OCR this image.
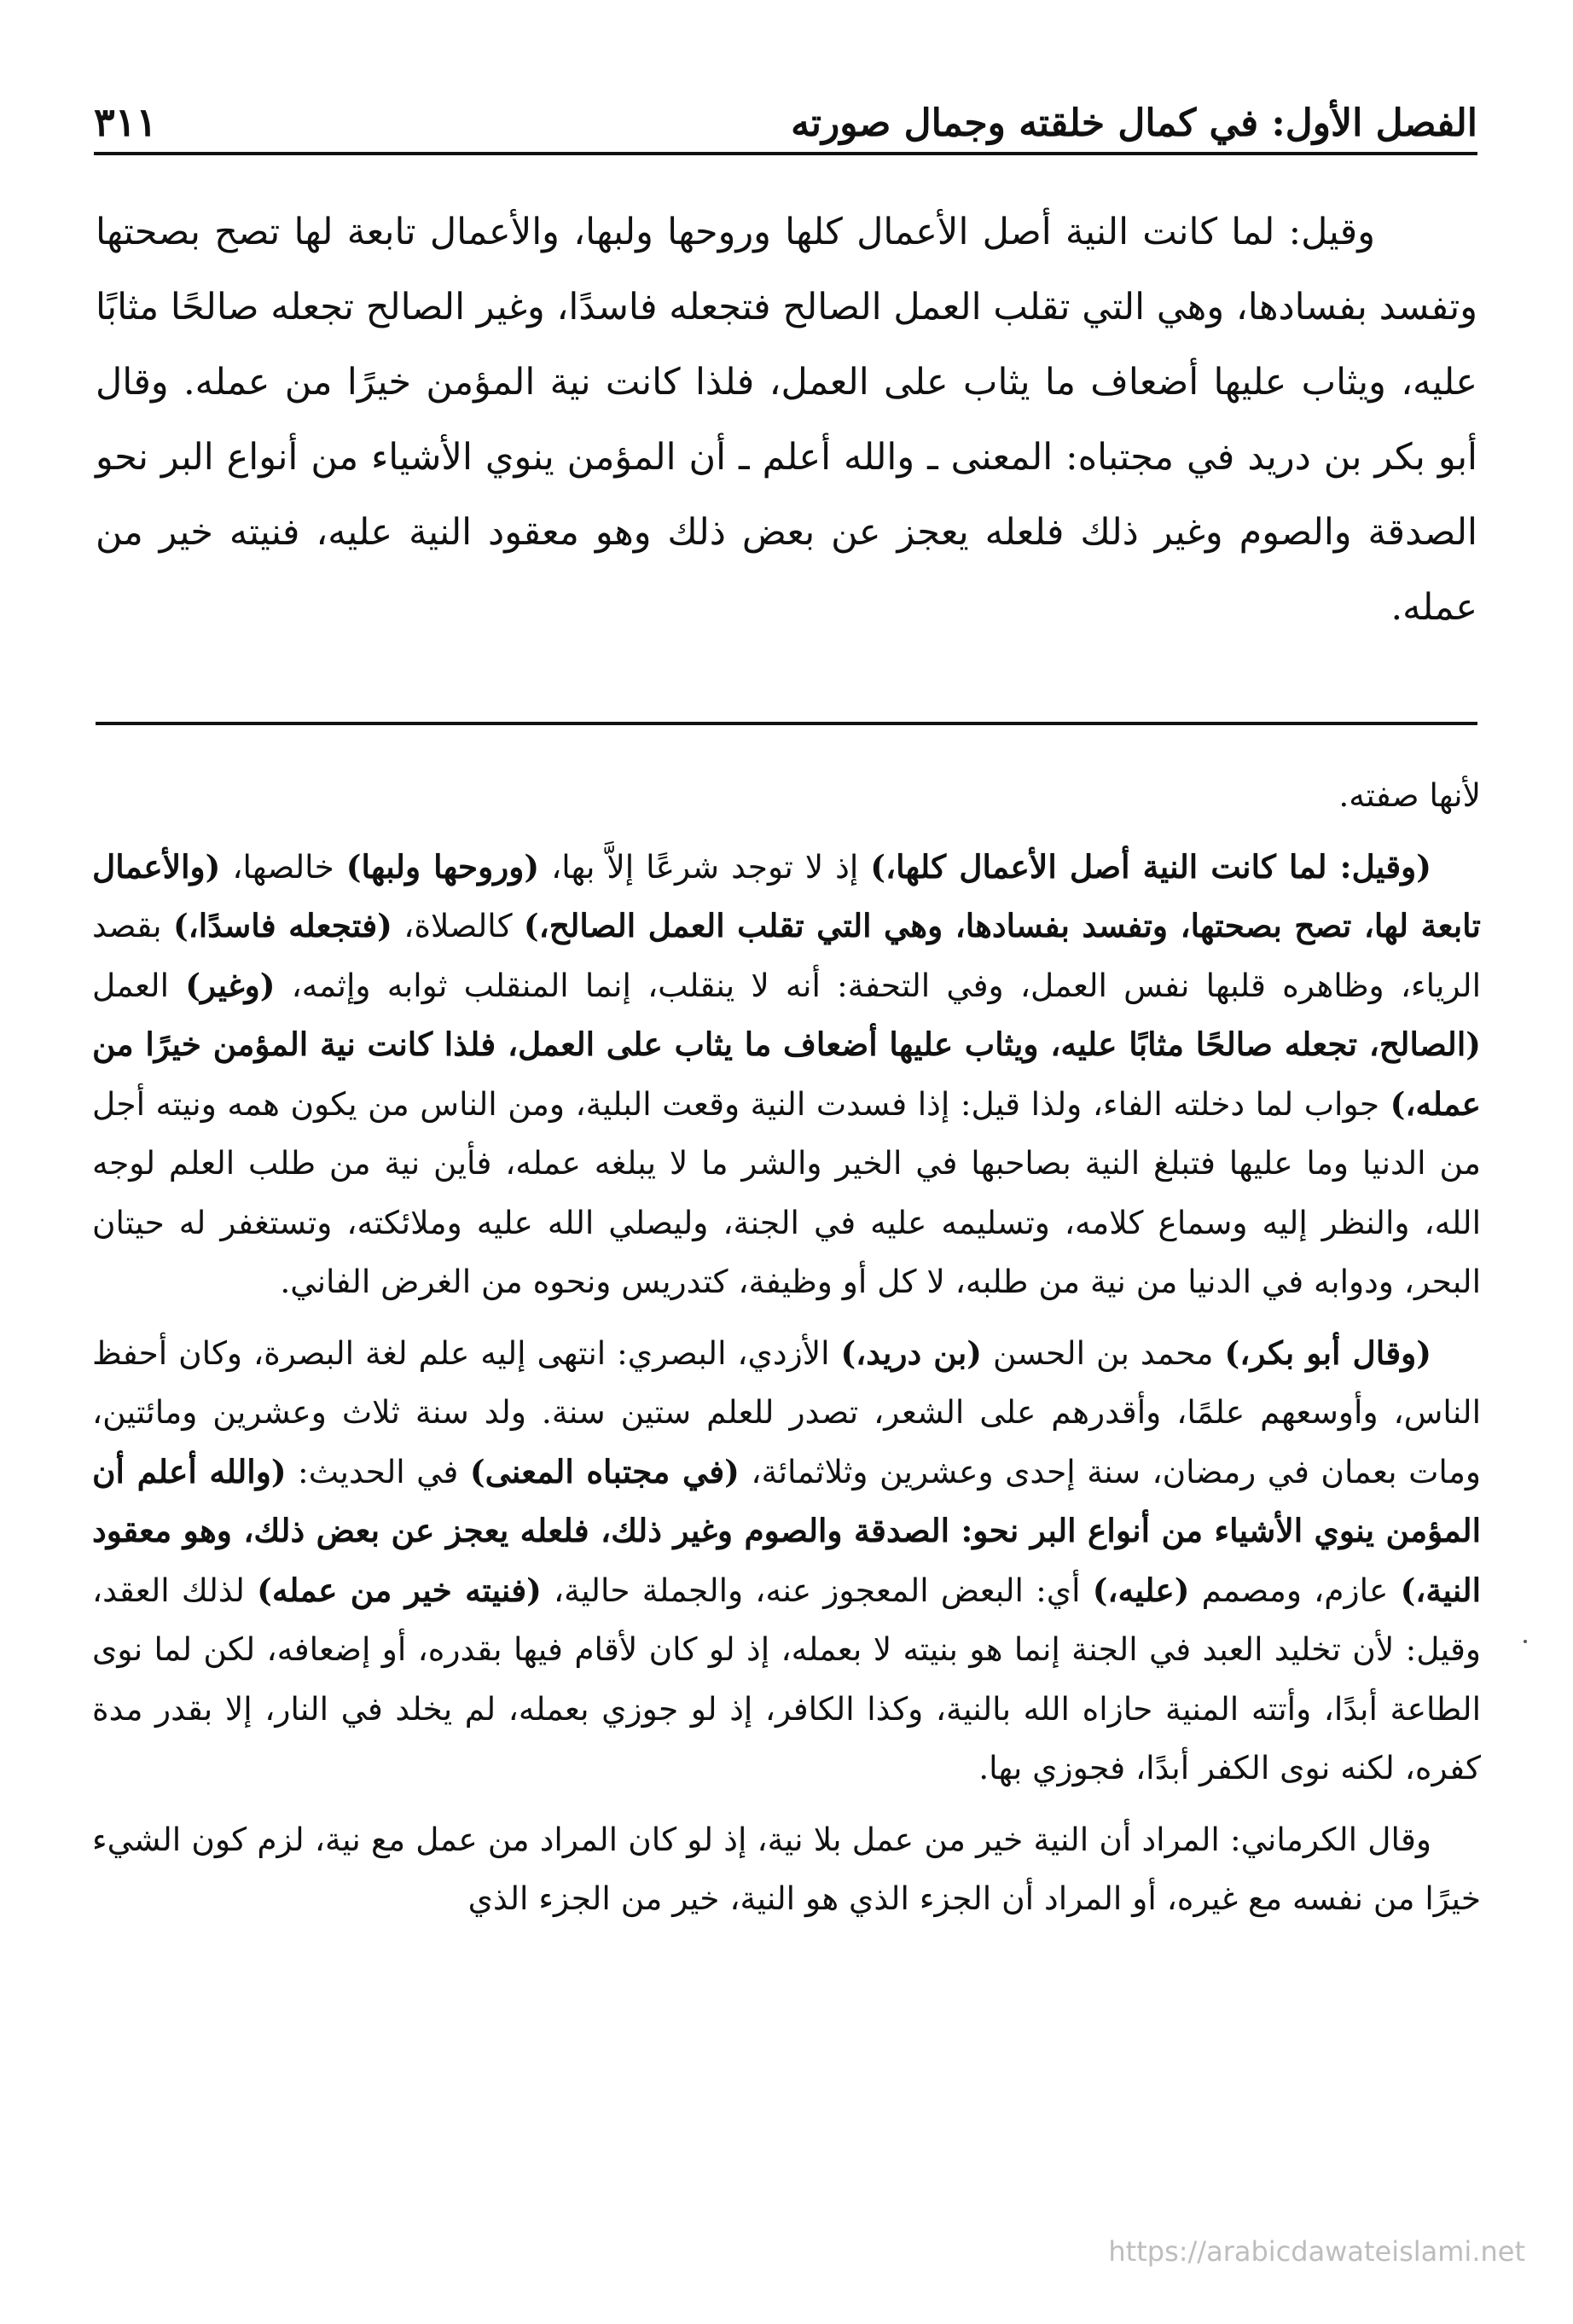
الفصل الأول: في كمال خلقته وجمال صورته
٣١١

وقيل: لما كانت النية أصل الأعمال كلها وروحها ولبها، والأعمال تابعة لها تصح بصحتها وتفسد بفسادها، وهي التي تقلب العمل الصالح فتجعله فاسدًا، وغير الصالح تجعله صالحًا مثابًا عليه، ويثاب عليها أضعاف ما يثاب على العمل، فلذا كانت نية المؤمن خيرًا من عمله. وقال أبو بكر بن دريد في مجتباه: المعنى ـ والله أعلم ـ أن المؤمن ينوي الأشياء من أنواع البر نحو الصدقة والصوم وغير ذلك فلعله يعجز عن بعض ذلك وهو معقود النية عليه، فنيته خير من عمله.

لأنها صفته.

(وقيل: لما كانت النية أصل الأعمال كلها،) إذ لا توجد شرعًا إلاَّ بها، (وروحها ولبها) خالصها، (والأعمال تابعة لها، تصح بصحتها، وتفسد بفسادها، وهي التي تقلب العمل الصالح،) كالصلاة، (فتجعله فاسدًا،) بقصد الرياء، وظاهره قلبها نفس العمل، وفي التحفة: أنه لا ينقلب، إنما المنقلب ثوابه وإثمه، (وغير) العمل (الصالح، تجعله صالحًا مثابًا عليه، ويثاب عليها أضعاف ما يثاب على العمل، فلذا كانت نية المؤمن خيرًا من عمله،) جواب لما دخلته الفاء، ولذا قيل: إذا فسدت النية وقعت البلية، ومن الناس من يكون همه ونيته أجل من الدنيا وما عليها فتبلغ النية بصاحبها في الخير والشر ما لا يبلغه عمله، فأين نية من طلب العلم لوجه الله، والنظر إليه وسماع كلامه، وتسليمه عليه في الجنة، وليصلي الله عليه وملائكته، وتستغفر له حيتان البحر، ودوابه في الدنيا من نية من طلبه، لا كل أو وظيفة، كتدريس ونحوه من الغرض الفاني.

(وقال أبو بكر،) محمد بن الحسن (بن دريد،) الأزدي، البصري: انتهى إليه علم لغة البصرة، وكان أحفظ الناس، وأوسعهم علمًا، وأقدرهم على الشعر، تصدر للعلم ستين سنة. ولد سنة ثلاث وعشرين ومائتين، ومات بعمان في رمضان، سنة إحدى وعشرين وثلاثمائة، (في مجتباه المعنى) في الحديث: (والله أعلم أن المؤمن ينوي الأشياء من أنواع البر نحو: الصدقة والصوم وغير ذلك، فلعله يعجز عن بعض ذلك، وهو معقود النية،) عازم، ومصمم (عليه،) أي: البعض المعجوز عنه، والجملة حالية، (فنيته خير من عمله) لذلك العقد، وقيل: لأن تخليد العبد في الجنة إنما هو بنيته لا بعمله، إذ لو كان لأقام فيها بقدره، أو إضعافه، لكن لما نوى الطاعة أبدًا، وأتته المنية حازاه الله بالنية، وكذا الكافر، إذ لو جوزي بعمله، لم يخلد في النار، إلا بقدر مدة كفره، لكنه نوى الكفر أبدًا، فجوزي بها.

وقال الكرماني: المراد أن النية خير من عمل بلا نية، إذ لو كان المراد من عمل مع نية، لزم كون الشيء خيرًا من نفسه مع غيره، أو المراد أن الجزء الذي هو النية، خير من الجزء الذي

https://arabicdawateislami.net
